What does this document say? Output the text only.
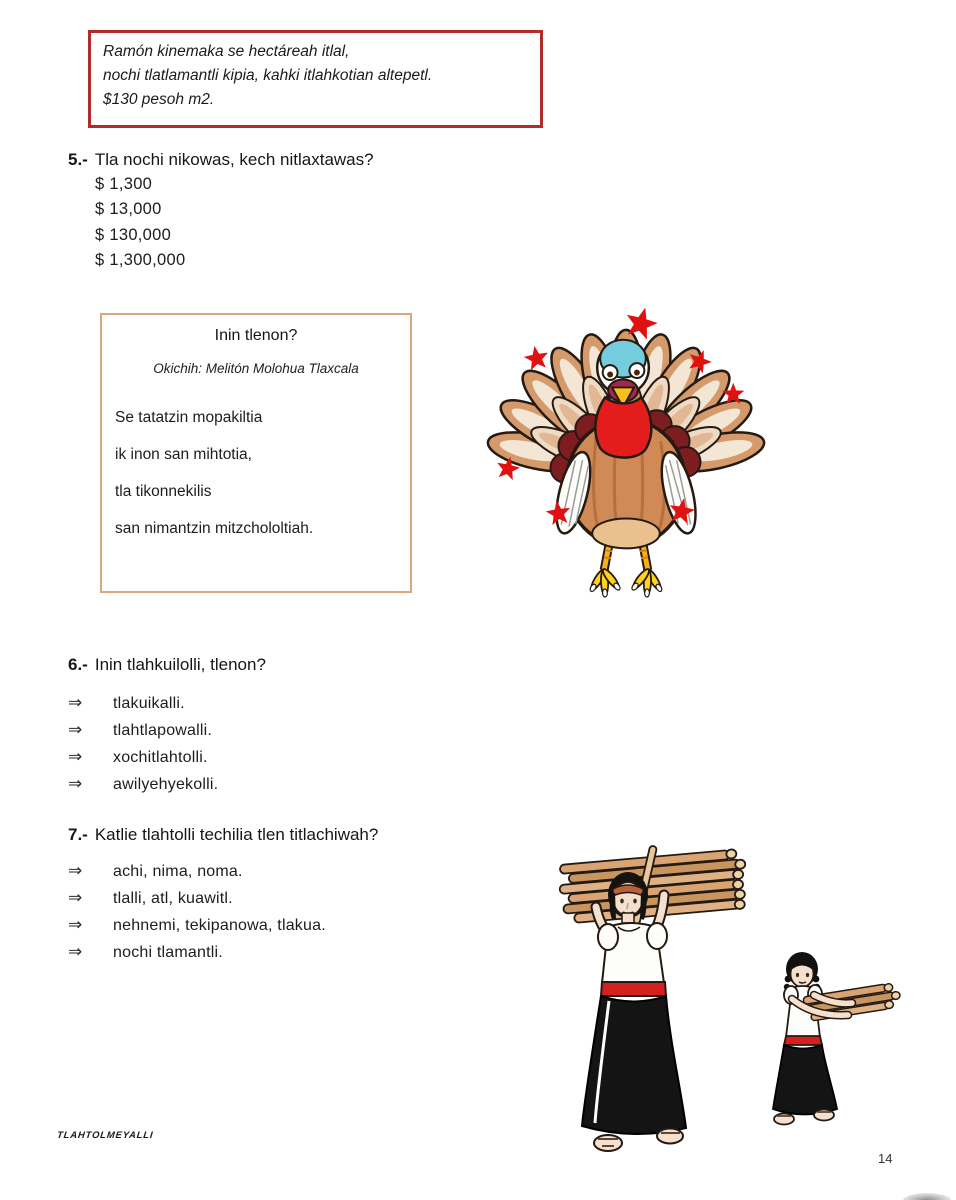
Ramón kinemaka se hectáreah itlal,
nochi tlatlamantli kipia, kahki itlahkotian altepetl.
$130 pesoh m2.
5.- Tla nochi nikowas, kech nitlaxtawas?
$ 1,300
$ 13,000
$ 130,000
$ 1,300,000
Inin tlenon?
Okichih: Melitón Molohua Tlaxcala
Se tatatzin mopakiltia
ik inon san mihtotia,
tla tikonnekilis
san nimantzin mitzchololtiah.
6.- Inin tlahkuilolli, tlenon?
⇒	tlakuikalli.
⇒	tlahtlapowalli.
⇒	xochitlahtolli.
⇒	awilyehyekolli.
7.- Katlie tlahtolli techilia tlen titlachiwah?
⇒	achi, nima, noma.
⇒	tlalli, atl, kuawitl.
⇒	nehnemi, tekipanowa, tlakua.
⇒	nochi tlamantli.
TLAHTOLMEYALLI
14
